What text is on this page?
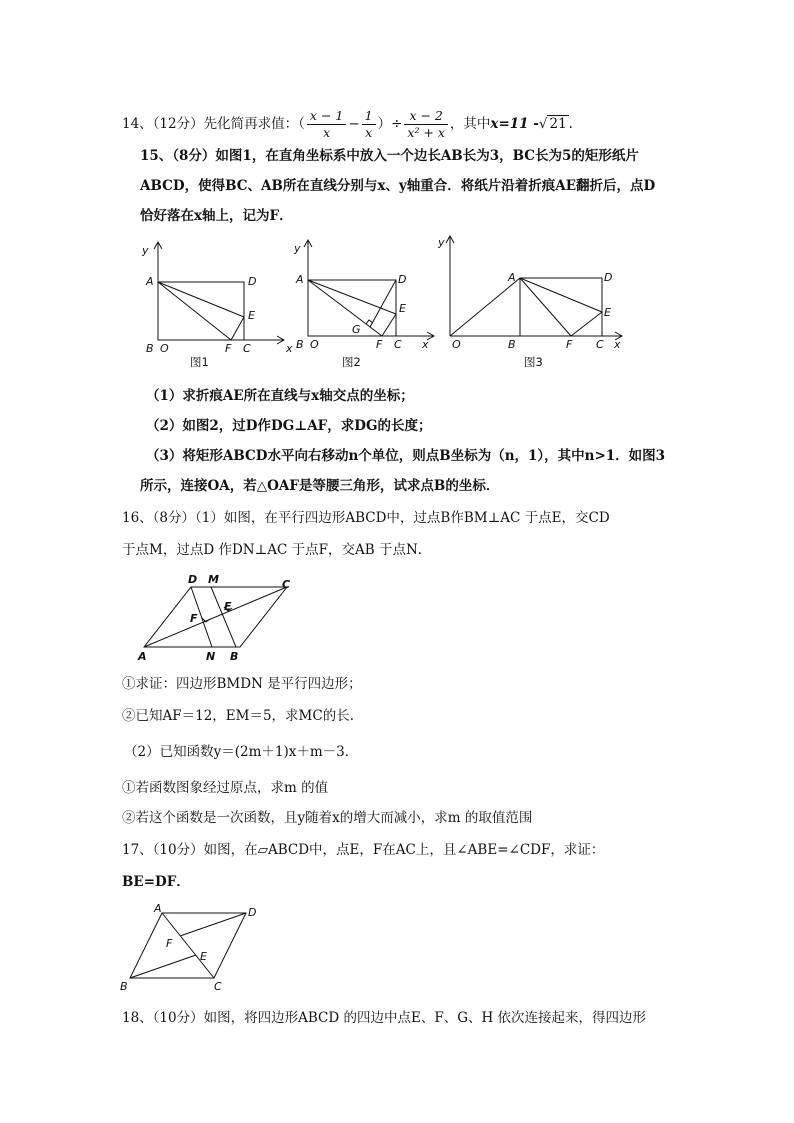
14、（12分）先化简再求值：（ $\frac{x - 1}{x} - \frac{1}{x}$ ）÷ $\frac{x - 2}{\text{x² + x}}$ ，其中x=11 -√ 21 .
15、（8分）如图1，在直角坐标系中放入一个边长AB长为3，BC长为5的矩形纸片
ABCD，使得BC、AB所在直线分别与x、y轴重合．将纸片沿着折痕AE翻折后，点D
恰好落在x轴上，记为F．
y
x
A	D
E
B O	F C
图1
y
x
A	D
E
G
B O	F C
图2
y
x
A	D
E
O	B	F C
图3
（1）求折痕AE所在直线与x轴交点的坐标；
（2）如图2，过D作DG⊥AF，求DG的长度；
（3）将矩形ABCD水平向右移动n个单位，则点B坐标为（n，1），其中n>1．如图3
所示，连接OA，若△OAF是等腰三角形，试求点B的坐标．
16、（8分）（1）如图，在平行四边形ABCD中，过点B作BM⊥AC 于点E，交CD
于点M，过点D 作DN⊥AC 于点F，交AB 于点N．
D M	C
E
F
A	N B
①求证：四边形BMDN 是平行四边形；
②已知AF＝12，EM＝5，求MC的长.
（2）已知函数y＝(2m＋1)x＋m－3．
①若函数图象经过原点，求m 的值
②若这个函数是一次函数，且y随着x的增大而减小，求m 的取值范围
17、（10分）如图，在▱ABCD中，点E，F在AC上，且∠ABE=∠CDF，求证：
BE=DF．
A	D
F
E
B	C
18、（10分）如图，将四边形ABCD 的四边中点E、F、G、H 依次连接起来，得四边形
